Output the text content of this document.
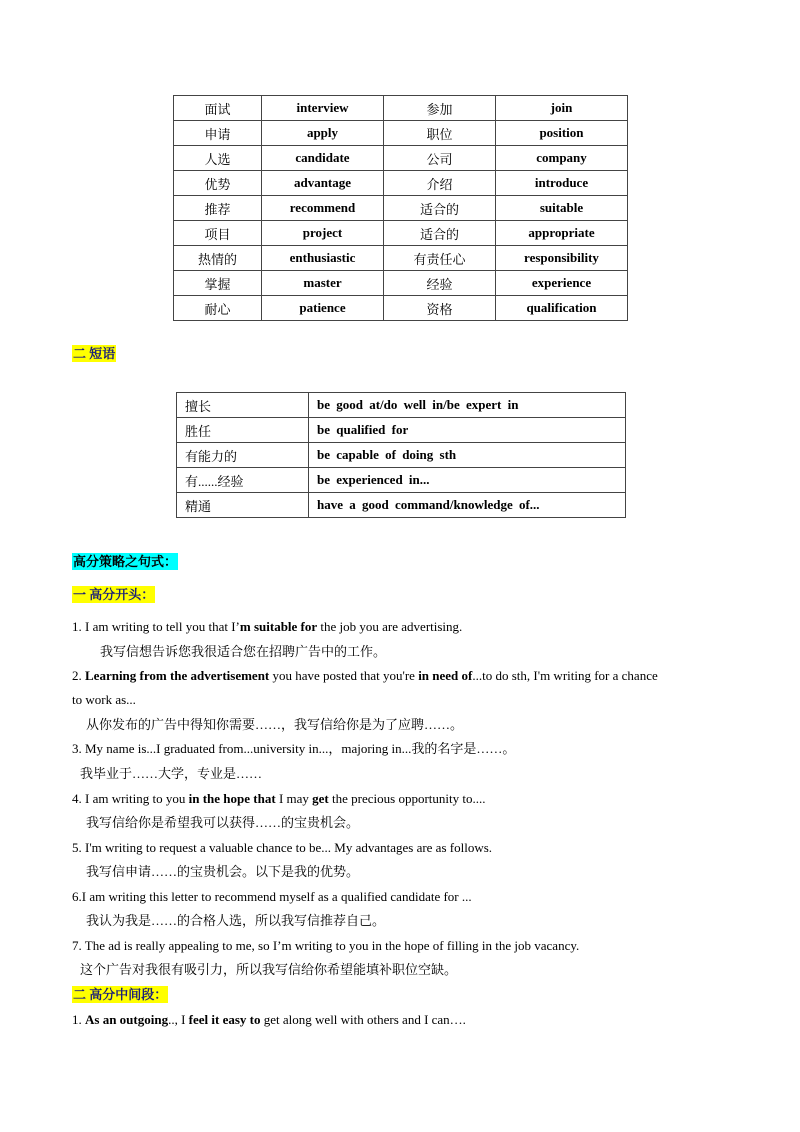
面试	interview	参加	join
申请	apply	职位	position
人选	candidate	公司	company
优势	advantage	介绍	introduce
推荐	recommend	适合的	suitable
项目	project	适合的	appropriate
热情的	enthusiastic	有责任心	responsibility
掌握	master	经验	experience
耐心	patience	资格	qualification
二 短语
擅长	be good at/do well in/be expert in
胜任	be qualified for
有能力的	be capable of doing sth
有......经验	be experienced in...
精通	have a good command/knowledge of...
高分策略之句式：
一 高分开头：
1. I am writing to tell you that I’m suitable for the job you are advertising.
我写信想告诉您我很适合您在招聘广告中的工作。
2. Learning from the advertisement you have posted that you're in need of...to do sth, I'm writing for a chance
to work as...
从你发布的广告中得知你需要……，我写信给你是为了应聘……。
3. My name is...I graduated from...university in...，majoring in...我的名字是……。
我毕业于……大学，专业是……
4. I am writing to you in the hope that I may get the precious opportunity to....
我写信给你是希望我可以获得……的宝贵机会。
5. I'm writing to request a valuable chance to be... My advantages are as follows.
我写信申请……的宝贵机会。以下是我的优势。
6.I am writing this letter to recommend myself as a qualified candidate for ...
我认为我是……的合格人选，所以我写信推荐自己。
7. The ad is really appealing to me, so I’m writing to you in the hope of filling in the job vacancy.
这个广告对我很有吸引力，所以我写信给你希望能填补职位空缺。
二 高分中间段：
1. As an outgoing.., I feel it easy to get along well with others and I can….
